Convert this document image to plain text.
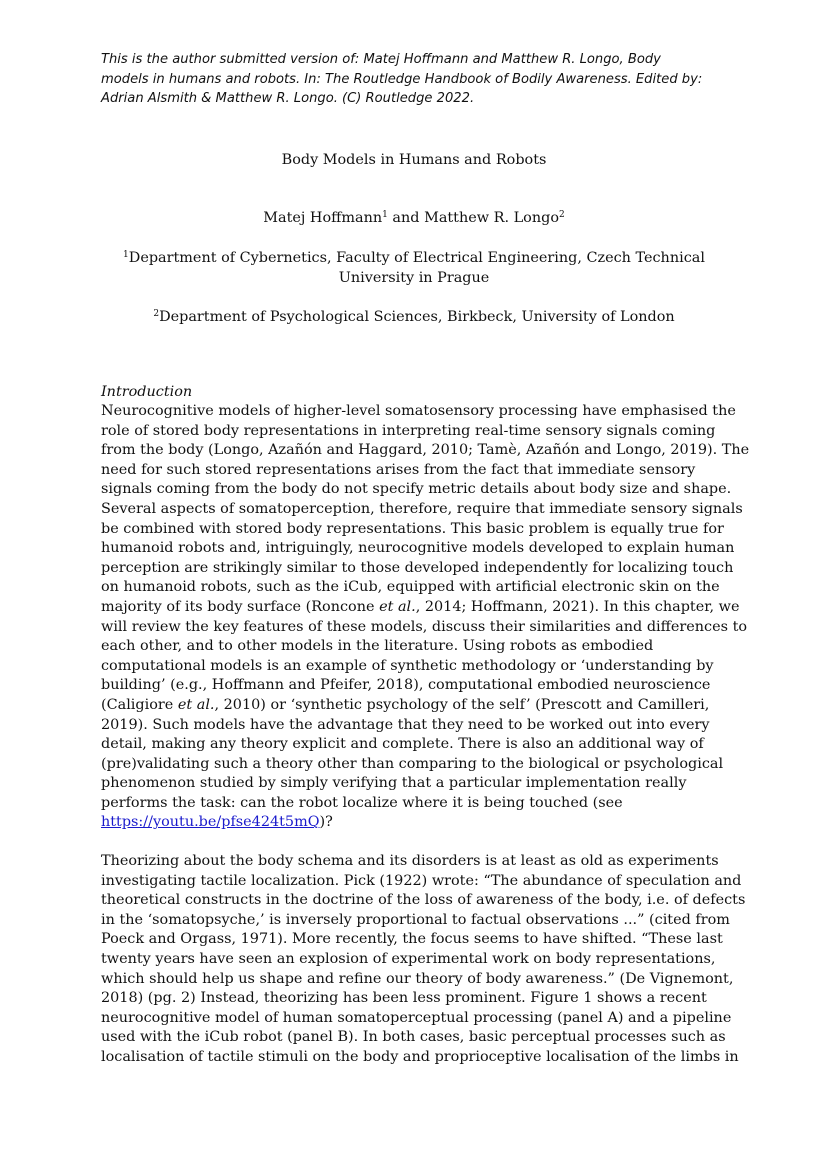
This is the author submitted version of: Matej Hoffmann and Matthew R. Longo, Body
models in humans and robots. In: The Routledge Handbook of Bodily Awareness. Edited by:
Adrian Alsmith & Matthew R. Longo. (C) Routledge 2022.
Body Models in Humans and Robots
Matej Hoffmann$^1$ and Matthew R. Longo$^2$
$^1$Department of Cybernetics, Faculty of Electrical Engineering, Czech Technical
University in Prague
$^2$Department of Psychological Sciences, Birkbeck, University of London
Introduction
Neurocognitive models of higher-level somatosensory processing have emphasised the
role of stored body representations in interpreting real-time sensory signals coming
from the body (Longo, Azañón and Haggard, 2010; Tamè, Azañón and Longo, 2019). The
need for such stored representations arises from the fact that immediate sensory
signals coming from the body do not specify metric details about body size and shape.
Several aspects of somatoperception, therefore, require that immediate sensory signals
be combined with stored body representations. This basic problem is equally true for
humanoid robots and, intriguingly, neurocognitive models developed to explain human
perception are strikingly similar to those developed independently for localizing touch
on humanoid robots, such as the iCub, equipped with artificial electronic skin on the
majority of its body surface (Roncone et al., 2014; Hoffmann, 2021). In this chapter, we
will review the key features of these models, discuss their similarities and differences to
each other, and to other models in the literature. Using robots as embodied
computational models is an example of synthetic methodology or ‘understanding by
building’ (e.g., Hoffmann and Pfeifer, 2018), computational embodied neuroscience
(Caligiore et al., 2010) or ‘synthetic psychology of the self’ (Prescott and Camilleri,
2019). Such models have the advantage that they need to be worked out into every
detail, making any theory explicit and complete. There is also an additional way of
(pre)validating such a theory other than comparing to the biological or psychological
phenomenon studied by simply verifying that a particular implementation really
performs the task: can the robot localize where it is being touched (see
https://youtu.be/pfse424t5mQ)?
Theorizing about the body schema and its disorders is at least as old as experiments
investigating tactile localization. Pick (1922) wrote: “The abundance of speculation and
theoretical constructs in the doctrine of the loss of awareness of the body, i.e. of defects
in the ‘somatopsyche,’ is inversely proportional to factual observations ...” (cited from
Poeck and Orgass, 1971). More recently, the focus seems to have shifted. “These last
twenty years have seen an explosion of experimental work on body representations,
which should help us shape and refine our theory of body awareness.” (De Vignemont,
2018) (pg. 2) Instead, theorizing has been less prominent. Figure 1 shows a recent
neurocognitive model of human somatoperceptual processing (panel A) and a pipeline
used with the iCub robot (panel B). In both cases, basic perceptual processes such as
localisation of tactile stimuli on the body and proprioceptive localisation of the limbs in
